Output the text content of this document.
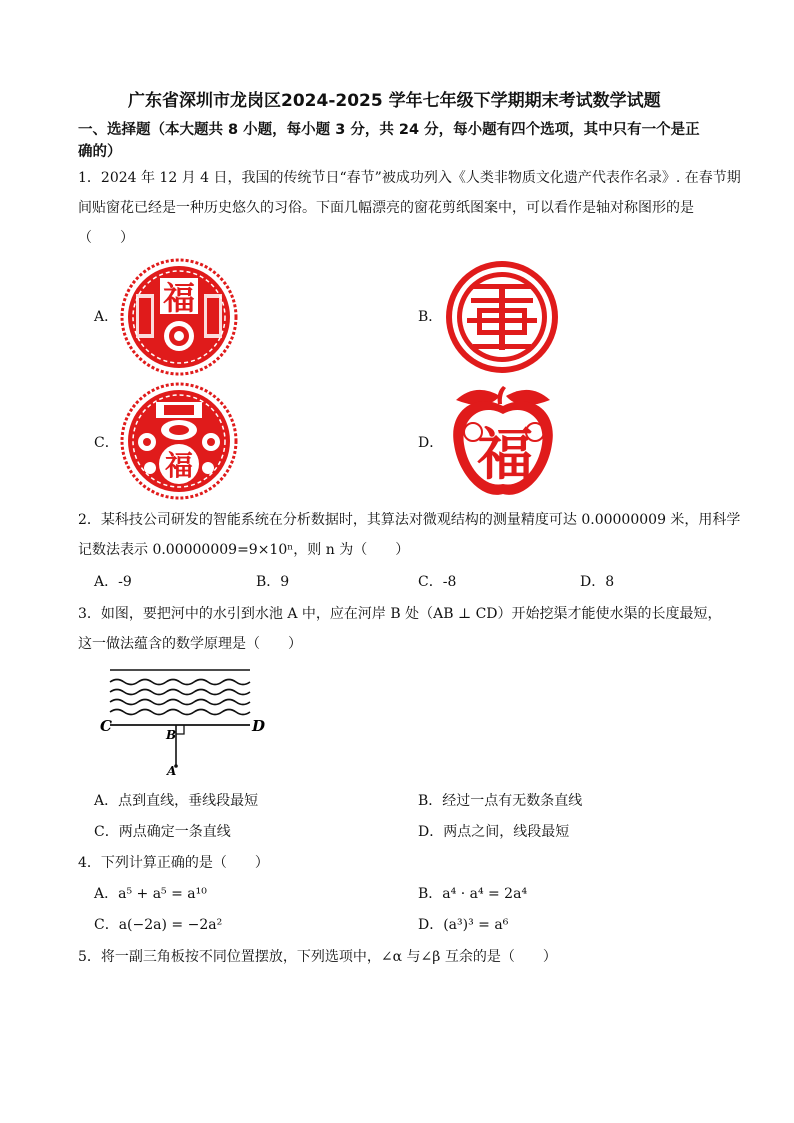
广东省深圳市龙岗区2024-2025 学年七年级下学期期末考试数学试题
一、选择题（本大题共 8 小题，每小题 3 分，共 24 分，每小题有四个选项，其中只有一个是正
确的）
1．2024 年 12 月 4 日，我国的传统节日“春节”被成功列入《人类非物质文化遗产代表作名录》. 在春节期
间贴窗花已经是一种历史悠久的习俗。下面几幅漂亮的窗花剪纸图案中，可以看作是轴对称图形的是
（　　）
A．	B．
C．	D．
福
福	福
2．某科技公司研发的智能系统在分析数据时，其算法对微观结构的测量精度可达 0.00000009 米，用科学
记数法表示 0.00000009=9×10ⁿ，则 n 为（　　）
A．-9	B．9	C．-8	D．8
3．如图，要把河中的水引到水池 A 中，应在河岸 B 处（AB ⊥ CD）开始挖渠才能使水渠的长度最短，
这一做法蕴含的数学原理是（　　）
C	D
B
A
A．点到直线，垂线段最短	B．经过一点有无数条直线
C．两点确定一条直线	D．两点之间，线段最短
4．下列计算正确的是（　　）
A．a⁵ + a⁵ = a¹⁰	B．a⁴ · a⁴ = 2a⁴
C．a(−2a) = −2a²	D．(a³)³ = a⁶
5．将一副三角板按不同位置摆放，下列选项中，∠α 与∠β 互余的是（　　）
